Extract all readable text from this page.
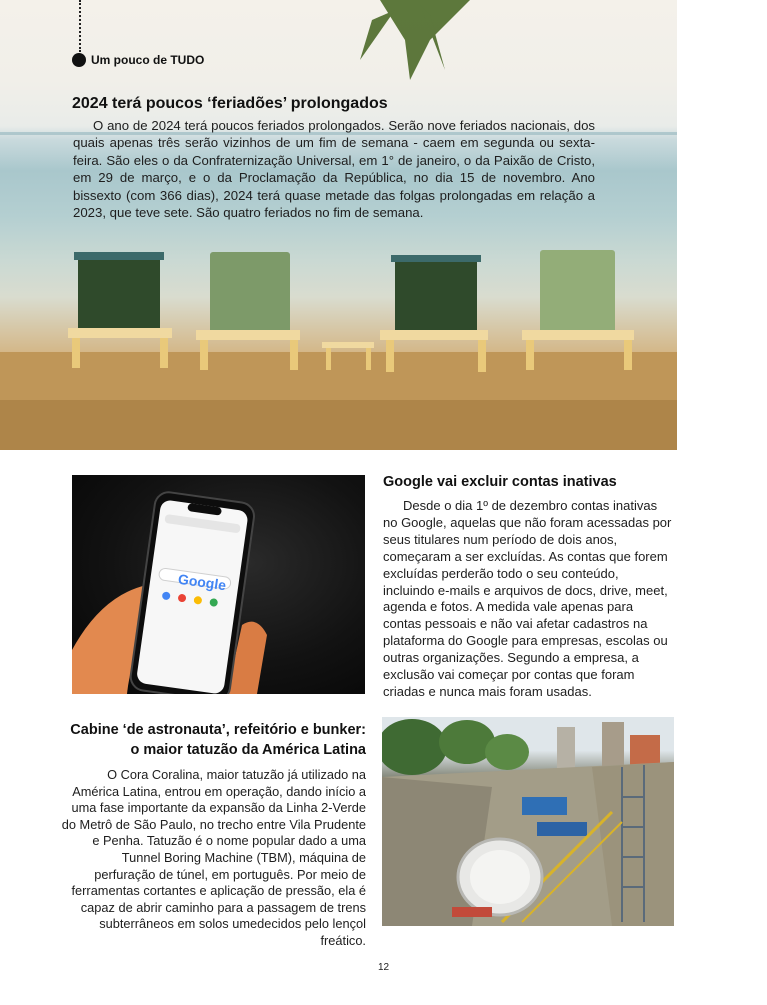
Um pouco de TUDO
2024 terá poucos ‘feriadões’ prolongados

O ano de 2024 terá poucos feriados prolongados. Serão nove feriados nacionais, dos quais apenas três serão vizinhos de um fim de semana - caem em segunda ou sexta-feira. São eles o da Confraternização Universal, em 1° de janeiro, o da Paixão de Cristo, em 29 de março, e o da Proclamação da República, no dia 15 de novembro. Ano bissexto (com 366 dias), 2024 terá quase metade das folgas prolongadas em relação a 2023, que teve sete. São quatro feriados no fim de semana.

Google
Google vai excluir contas inativas

Desde o dia 1º de dezembro contas inativas no Google, aquelas que não foram acessadas por seus titulares num período de dois anos, começaram a ser excluídas. As contas que forem excluídas perderão todo o seu conteúdo, incluindo e-mails e arquivos de docs, drive, meet, agenda e fotos. A medida vale apenas para contas pessoais e não vai afetar cadastros na plataforma do Google para empresas, escolas ou outras organizações. Segundo a empresa, a exclusão vai começar por contas que foram criadas e nunca mais foram usadas.

Cabine ‘de astronauta’, refeitório e bunker:
o maior tatuzão da América Latina

O Cora Coralina, maior tatuzão já utilizado na América Latina, entrou em operação, dando início a uma fase importante da expansão da Linha 2-Verde do Metrô de São Paulo, no trecho entre Vila Prudente e Penha. Tatuzão é o nome popular dado a uma Tunnel Boring Machine (TBM), máquina de perfuração de túnel, em português. Por meio de ferramentas cortantes e aplicação de pressão, ela é capaz de abrir caminho para a passagem de trens subterrâneos em solos umedecidos pelo lençol freático.

12
